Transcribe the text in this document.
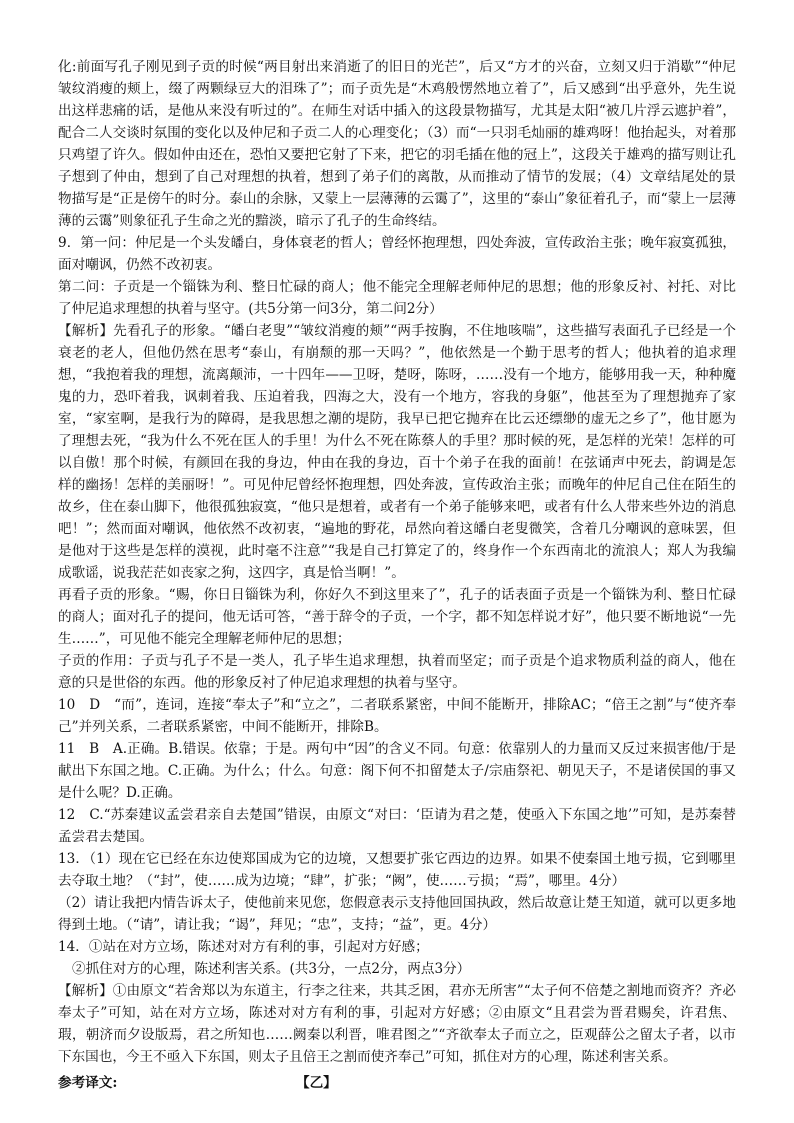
化:前面写孔子刚见到子贡的时候“两目射出来消逝了的旧日的光芒”，后又“方才的兴奋，立刻又归于消歇”“仲尼皱纹消瘦的颊上，缀了两颗绿豆大的泪珠了”；而子贡先是“木鸡般愣然地立着了”，后又感到“出乎意外，先生说出这样悲痛的话，是他从来没有听过的”。在师生对话中插入的这段景物描写，尤其是太阳“被几片浮云遮护着”，配合二人交谈时氛围的变化以及仲尼和子贡二人的心理变化；（3）而“一只羽毛灿丽的雄鸡呀！他抬起头，对着那只鸡望了许久。假如仲由还在，恐怕又要把它射了下来，把它的羽毛插在他的冠上”，这段关于雄鸡的描写则让孔子想到了仲由，想到了自己对理想的执着，想到了弟子们的离散，从而推动了情节的发展；（4）文章结尾处的景物描写是“正是傍午的时分。泰山的余脉，又蒙上一层薄薄的云霭了”，这里的“泰山”象征着孔子，而“蒙上一层薄薄的云霭”则象征孔子生命之光的黯淡，暗示了孔子的生命终结。

9．第一问：仲尼是一个头发皤白，身体衰老的哲人；曾经怀抱理想，四处奔波，宣传政治主张；晚年寂寞孤独，面对嘲讽，仍然不改初衷。

第二问：子贡是一个锱铢为利、整日忙碌的商人；他不能完全理解老师仲尼的思想；他的形象反衬、衬托、对比了仲尼追求理想的执着与坚守。(共5分第一问3分，第二问2分）

【解析】先看孔子的形象。“皤白老叟”“皱纹消瘦的颊”“两手按胸，不住地咳喘”，这些描写表面孔子已经是一个衰老的老人，但他仍然在思考“泰山，有崩颓的那一天吗？”，他依然是一个勤于思考的哲人；他执着的追求理想，“我抱着我的理想，流离颠沛，一十四年——卫呀，楚呀，陈呀，……没有一个地方，能够用我一天，种种魔鬼的力，恐吓着我，讽刺着我、压迫着我，四海之大，没有一个地方，容我的身躯”，他甚至为了理想抛弃了家室，“家室啊，是我行为的障碍，是我思想之潮的堤防，我早已把它抛弃在比云还缥缈的虚无之乡了”，他甘愿为了理想去死，“我为什么不死在匡人的手里！为什么不死在陈蔡人的手里？那时候的死，是怎样的光荣！怎样的可以自傲！那个时候，有颜回在我的身边，仲由在我的身边，百十个弟子在我的面前！在弦诵声中死去，韵调是怎样的幽扬！怎样的美丽呀！”。可见仲尼曾经怀抱理想，四处奔波，宣传政治主张；而晚年的仲尼自己住在陌生的故乡，住在泰山脚下，他很孤独寂寞，“他只是想着，或者有一个弟子能够来吧，或者有什么人带来些外边的消息吧！”；然而面对嘲讽，他依然不改初衷，“遍地的野花，昂然向着这皤白老叟微笑，含着几分嘲讽的意味罢，但是他对于这些是怎样的漠视，此时毫不注意”“我是自己打算定了的，终身作一个东西南北的流浪人；郑人为我编成歌谣，说我茫茫如丧家之狗，这四字，真是恰当啊！”。

再看子贡的形象。“赐，你日日锱铢为利，你好久不到这里来了”，孔子的话表面子贡是一个锱铢为利、整日忙碌的商人；面对孔子的提问，他无话可答，“善于辞令的子贡，一个字，都不知怎样说才好”，他只要不断地说“一先生……”，可见他不能完全理解老师仲尼的思想；

子贡的作用：子贡与孔子不是一类人，孔子毕生追求理想，执着而坚定；而子贡是个追求物质利益的商人，他在意的只是世俗的东西。他的形象反衬了仲尼追求理想的执着与坚守。

10　D　“而”，连词，连接“奉太子”和“立之”，二者联系紧密，中间不能断开，排除AC；“倍王之割”与“使齐奉己”并列关系，二者联系紧密，中间不能断开，排除B。

11　B　A.正确。B.错误。依靠；于是。两句中“因”的含义不同。句意：依靠别人的力量而又反过来损害他/于是献出下东国之地。C.正确。为什么；什么。句意：阁下何不扣留楚太子/宗庙祭祀、朝见天子，不是诸侯国的事又是什么呢？D.正确。

12　C.“苏秦建议孟尝君亲自去楚国”错误，由原文“对曰：‘臣请为君之楚，使亟入下东国之地’”可知，是苏秦替孟尝君去楚国。

13．（1）现在它已经在东边使郑国成为它的边境，又想要扩张它西边的边界。如果不使秦国土地亏损，它到哪里去夺取土地？（“封”，使……成为边境；“肆”，扩张；“阙”，使……亏损；“焉”，哪里。4分）

（2）请让我把内情告诉太子，使他前来见您，您假意表示支持他回国执政，然后故意让楚王知道，就可以更多地得到土地。（“请”，请让我；“谒”，拜见；“忠”，支持；“益”，更。4分）

14．①站在对方立场，陈述对对方有利的事，引起对方好感；

②抓住对方的心理，陈述利害关系。(共3分，一点2分，两点3分）

【解析】①由原文“若舍郑以为东道主，行李之往来，共其乏困，君亦无所害”“太子何不倍楚之割地而资齐？齐必奉太子”可知，站在对方立场，陈述对对方有利的事，引起对方好感；②由原文“且君尝为晋君赐矣，许君焦、瑕，朝济而夕设版焉，君之所知也……阙秦以利晋，唯君图之”“齐欲奉太子而立之，臣观薛公之留太子者，以市下东国也，今王不亟入下东国，则太子且倍王之割而使齐奉己”可知，抓住对方的心理，陈述利害关系。

参考译文:	【乙】
